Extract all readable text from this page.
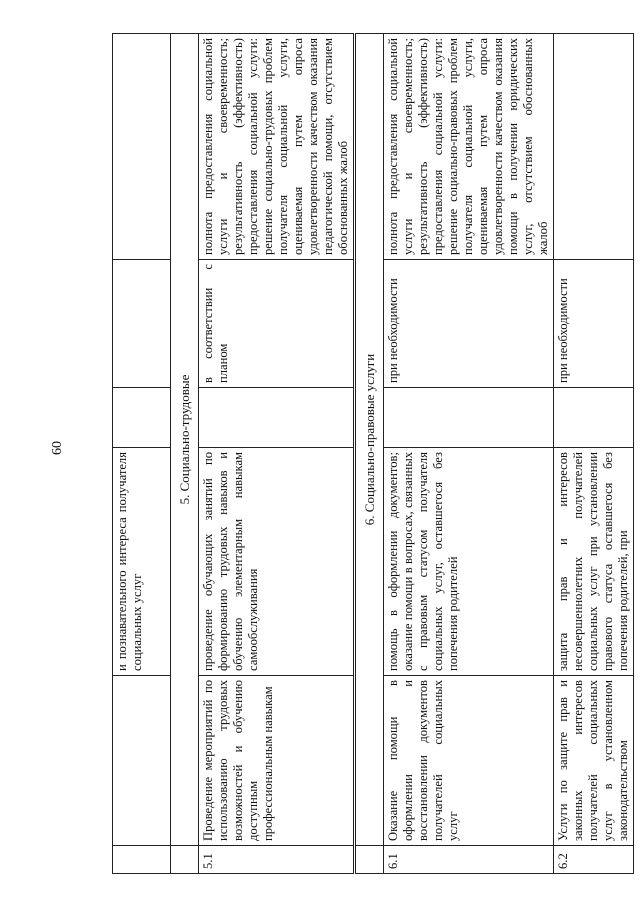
60
		и познавательного интереса получателя социальных услуг			
	5. Социально-трудовые				
5.1	Проведение мероприятий по использованию трудовых возможностей и обучению доступным профессиональным навыкам	проведение обучающих занятий по формированию трудовых навыков и обучению элементарным навыкам самообслуживания		в соответствии с планом	полнота предоставления социальной услуги и своевременность; результативность (эффективность) предоставления социальной услуги: решение социально-трудовых проблем получателя социальной услуги, оцениваемая путем опроса удовлетворенности качеством оказания педагогической помощи, отсутствием обоснованных жалоб
	6. Социально-правовые услуги				
6.1	Оказание помощи в оформлении и восстановлении документов получателей социальных услуг	помощь в оформлении документов; оказание помощи в вопросах, связанных с правовым статусом получателя социальных услуг, оставшегося без попечения родителей		при необходимости	полнота предоставления социальной услуги и своевременность; результативность (эффективность) предоставления социальной услуги: решение социально-правовых проблем получателя социальной услуги, оцениваемая путем опроса удовлетворенности качеством оказания помощи в получении юридических услуг, отсутствием обоснованных жалоб
6.2	Услуги по защите прав и законных интересов получателей социальных услуг в установленном законодательством	защита прав и интересов несовершеннолетних получателей социальных услуг при установлении правового статуса оставшегося без попечения родителей, при		при необходимости	
